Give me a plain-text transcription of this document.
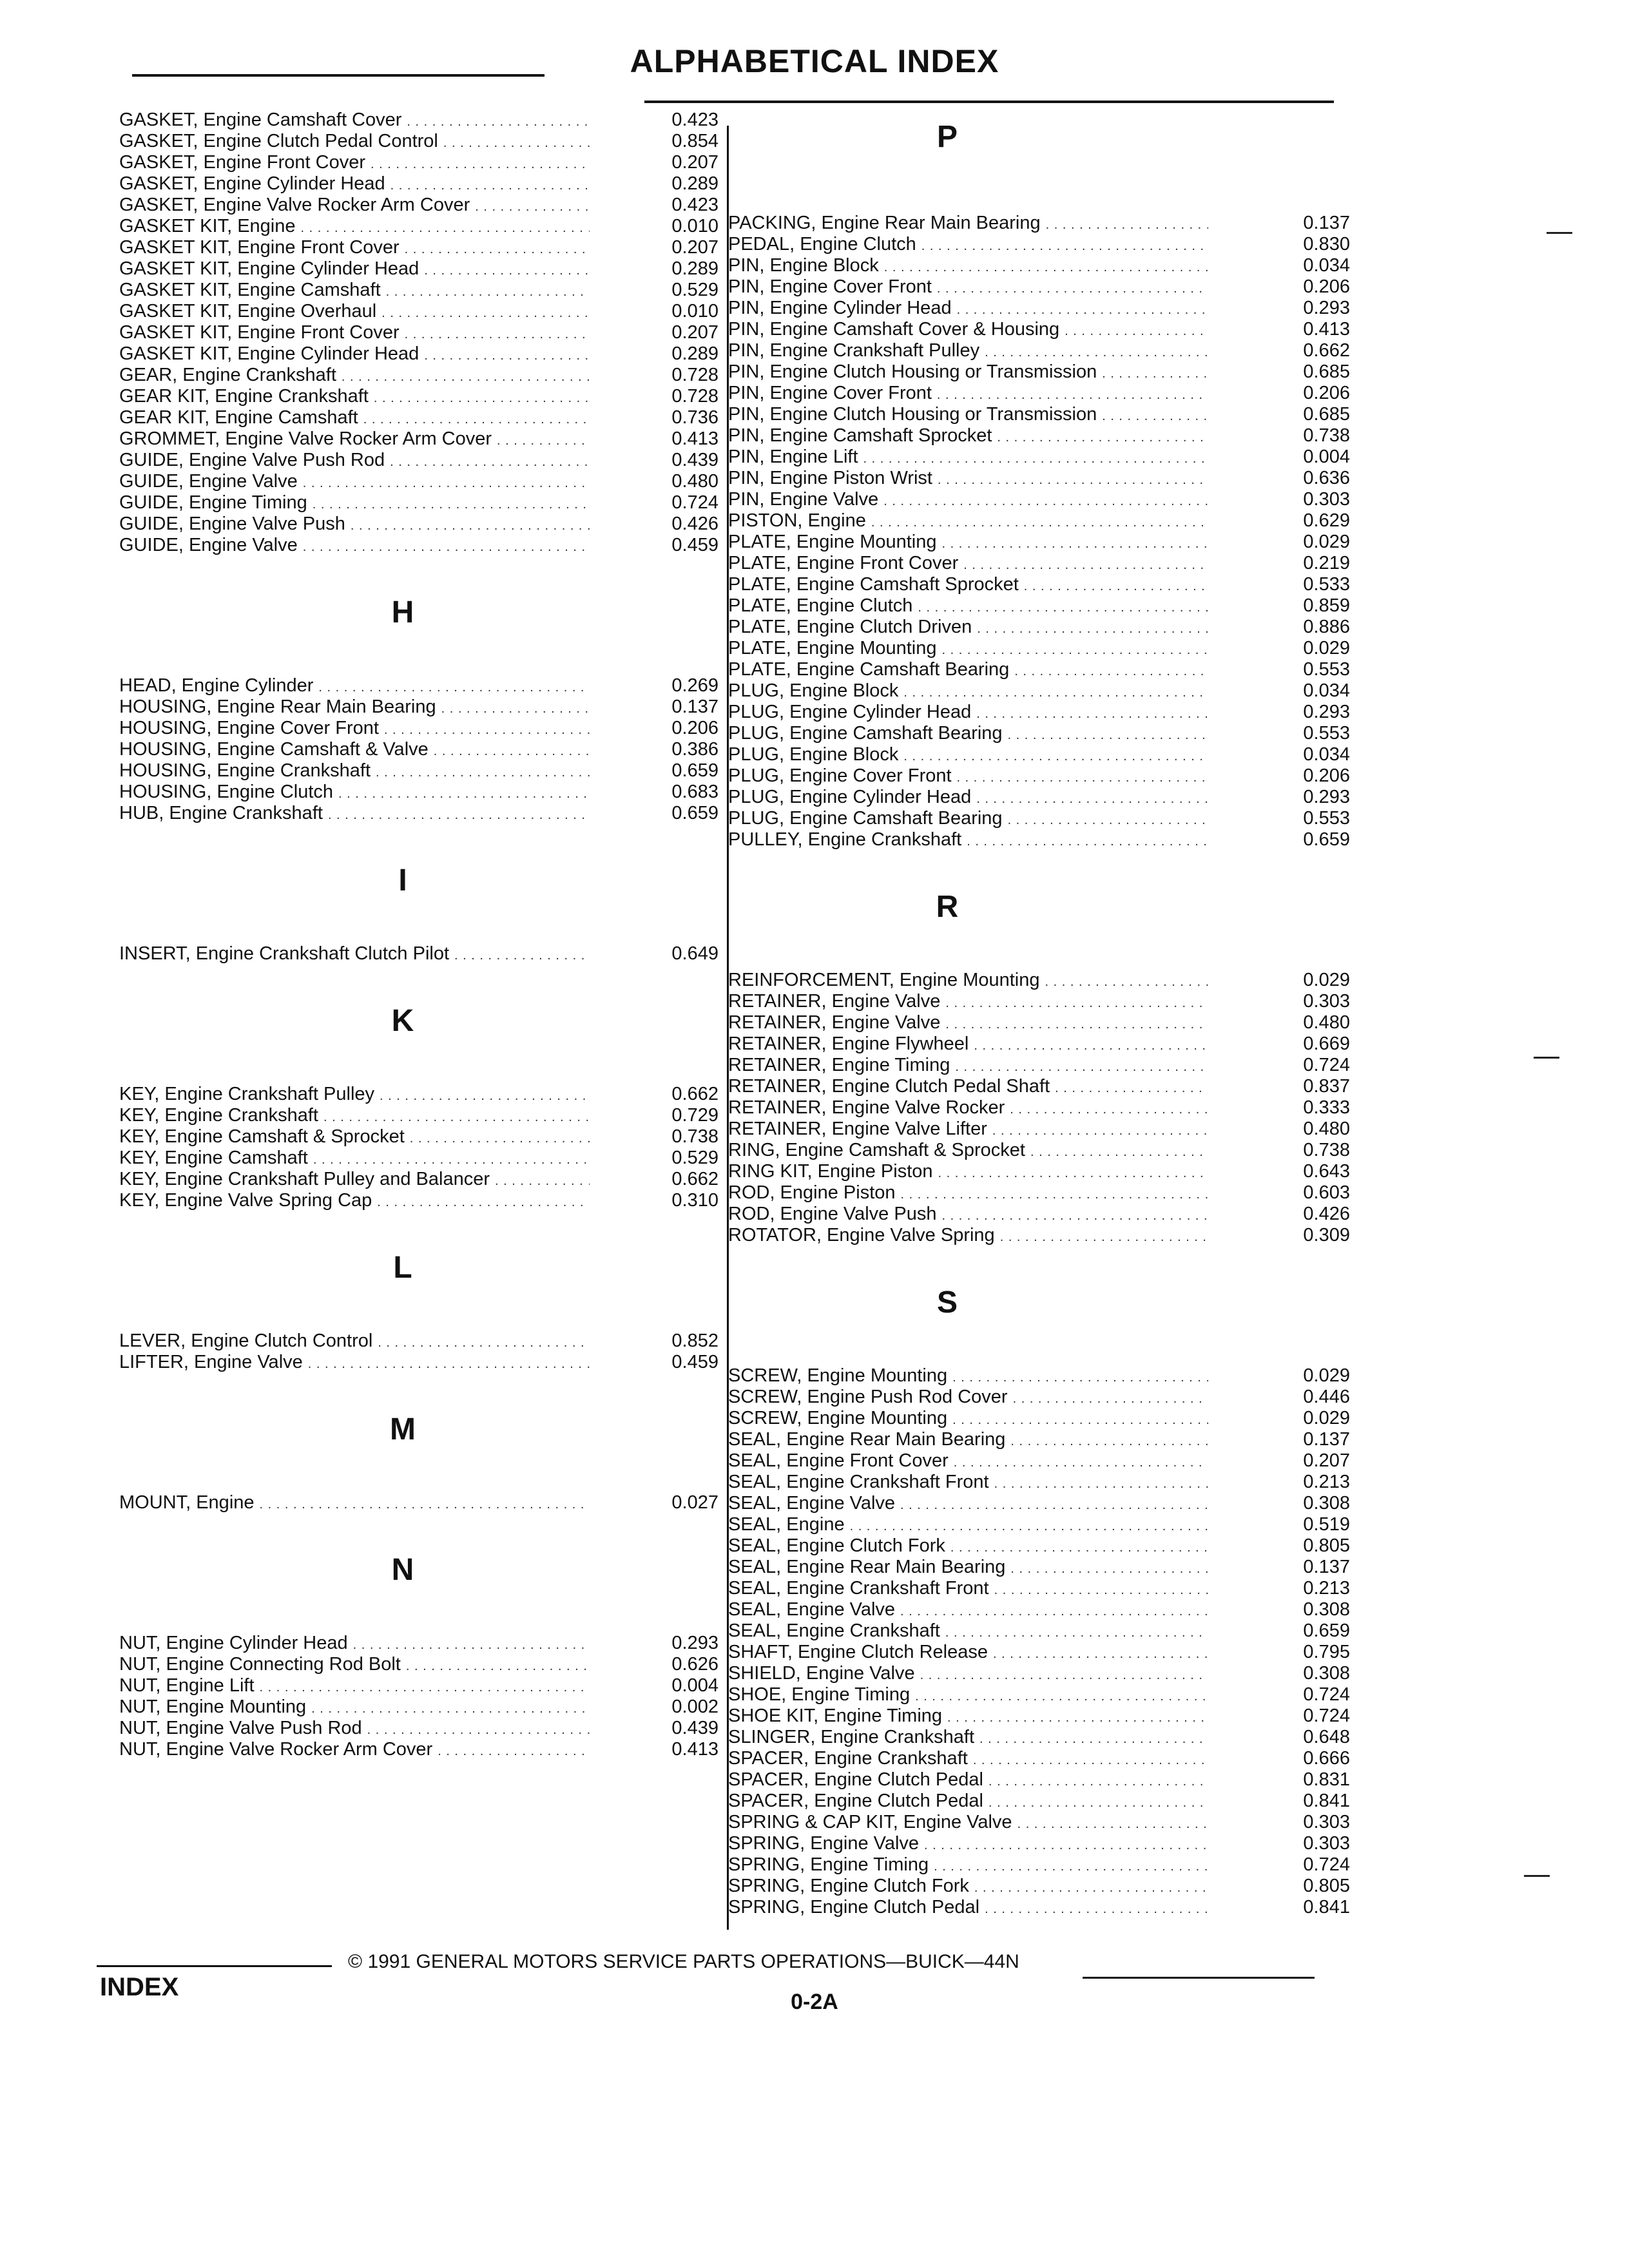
ALPHABETICAL INDEX
GASKET, Engine Camshaft Cover . . .	0.423
GASKET, Engine Clutch Pedal Control . . .	0.854
GASKET, Engine Front Cover . . .	0.207
GASKET, Engine Cylinder Head . . .	0.289
GASKET, Engine Valve Rocker Arm Cover . . .	0.423
GASKET KIT, Engine . . .	0.010
GASKET KIT, Engine Front Cover . . .	0.207
GASKET KIT, Engine Cylinder Head . . .	0.289
GASKET KIT, Engine Camshaft . . .	0.529
GASKET KIT, Engine Overhaul . . .	0.010
GASKET KIT, Engine Front Cover . . .	0.207
GASKET KIT, Engine Cylinder Head . . .	0.289
GEAR, Engine Crankshaft . . .	0.728
GEAR KIT, Engine Crankshaft . . .	0.728
GEAR KIT, Engine Camshaft . . .	0.736
GROMMET, Engine Valve Rocker Arm Cover . . .	0.413
GUIDE, Engine Valve Push Rod . . .	0.439
GUIDE, Engine Valve . . .	0.480
GUIDE, Engine Timing . . .	0.724
GUIDE, Engine Valve Push . . .	0.426
GUIDE, Engine Valve . . .	0.459
H
HEAD, Engine Cylinder . . .	0.269
HOUSING, Engine Rear Main Bearing . . .	0.137
HOUSING, Engine Cover Front . . .	0.206
HOUSING, Engine Camshaft & Valve . . .	0.386
HOUSING, Engine Crankshaft . . .	0.659
HOUSING, Engine Clutch . . .	0.683
HUB, Engine Crankshaft . . .	0.659
I
INSERT, Engine Crankshaft Clutch Pilot . . .	0.649
K
KEY, Engine Crankshaft Pulley . . .	0.662
KEY, Engine Crankshaft . . .	0.729
KEY, Engine Camshaft & Sprocket . . .	0.738
KEY, Engine Camshaft . . .	0.529
KEY, Engine Crankshaft Pulley and Balancer . . .	0.662
KEY, Engine Valve Spring Cap . . .	0.310
L
LEVER, Engine Clutch Control . . .	0.852
LIFTER, Engine Valve . . .	0.459
M
MOUNT, Engine . . .	0.027
N
NUT, Engine Cylinder Head . . .	0.293
NUT, Engine Connecting Rod Bolt . . .	0.626
NUT, Engine Lift . . .	0.004
NUT, Engine Mounting . . .	0.002
NUT, Engine Valve Push Rod . . .	0.439
NUT, Engine Valve Rocker Arm Cover . . .	0.413
P
PACKING, Engine Rear Main Bearing . . .	0.137
PEDAL, Engine Clutch . . .	0.830
PIN, Engine Block . . .	0.034
PIN, Engine Cover Front . . .	0.206
PIN, Engine Cylinder Head . . .	0.293
PIN, Engine Camshaft Cover & Housing . . .	0.413
PIN, Engine Crankshaft Pulley . . .	0.662
PIN, Engine Clutch Housing or Transmission . . .	0.685
PIN, Engine Cover Front . . .	0.206
PIN, Engine Clutch Housing or Transmission . . .	0.685
PIN, Engine Camshaft Sprocket . . .	0.738
PIN, Engine Lift . . .	0.004
PIN, Engine Piston Wrist . . .	0.636
PIN, Engine Valve . . .	0.303
PISTON, Engine . . .	0.629
PLATE, Engine Mounting . . .	0.029
PLATE, Engine Front Cover . . .	0.219
PLATE, Engine Camshaft Sprocket . . .	0.533
PLATE, Engine Clutch . . .	0.859
PLATE, Engine Clutch Driven . . .	0.886
PLATE, Engine Mounting . . .	0.029
PLATE, Engine Camshaft Bearing . . .	0.553
PLUG, Engine Block . . .	0.034
PLUG, Engine Cylinder Head . . .	0.293
PLUG, Engine Camshaft Bearing . . .	0.553
PLUG, Engine Block . . .	0.034
PLUG, Engine Cover Front . . .	0.206
PLUG, Engine Cylinder Head . . .	0.293
PLUG, Engine Camshaft Bearing . . .	0.553
PULLEY, Engine Crankshaft . . .	0.659
R
REINFORCEMENT, Engine Mounting . . .	0.029
RETAINER, Engine Valve . . .	0.303
RETAINER, Engine Valve . . .	0.480
RETAINER, Engine Flywheel . . .	0.669
RETAINER, Engine Timing . . .	0.724
RETAINER, Engine Clutch Pedal Shaft . . .	0.837
RETAINER, Engine Valve Rocker . . .	0.333
RETAINER, Engine Valve Lifter . . .	0.480
RING, Engine Camshaft & Sprocket . . .	0.738
RING KIT, Engine Piston . . .	0.643
ROD, Engine Piston . . .	0.603
ROD, Engine Valve Push . . .	0.426
ROTATOR, Engine Valve Spring . . .	0.309
S
SCREW, Engine Mounting . . .	0.029
SCREW, Engine Push Rod Cover . . .	0.446
SCREW, Engine Mounting . . .	0.029
SEAL, Engine Rear Main Bearing . . .	0.137
SEAL, Engine Front Cover . . .	0.207
SEAL, Engine Crankshaft Front . . .	0.213
SEAL, Engine Valve . . .	0.308
SEAL, Engine . . .	0.519
SEAL, Engine Clutch Fork . . .	0.805
SEAL, Engine Rear Main Bearing . . .	0.137
SEAL, Engine Crankshaft Front . . .	0.213
SEAL, Engine Valve . . .	0.308
SEAL, Engine Crankshaft . . .	0.659
SHAFT, Engine Clutch Release . . .	0.795
SHIELD, Engine Valve . . .	0.308
SHOE, Engine Timing . . .	0.724
SHOE KIT, Engine Timing . . .	0.724
SLINGER, Engine Crankshaft . . .	0.648
SPACER, Engine Crankshaft . . .	0.666
SPACER, Engine Clutch Pedal . . .	0.831
SPACER, Engine Clutch Pedal . . .	0.841
SPRING & CAP KIT, Engine Valve . . .	0.303
SPRING, Engine Valve . . .	0.303
SPRING, Engine Timing . . .	0.724
SPRING, Engine Clutch Fork . . .	0.805
SPRING, Engine Clutch Pedal . . .	0.841
© 1991 GENERAL MOTORS SERVICE PARTS OPERATIONS—BUICK—44N
INDEX
0-2A
